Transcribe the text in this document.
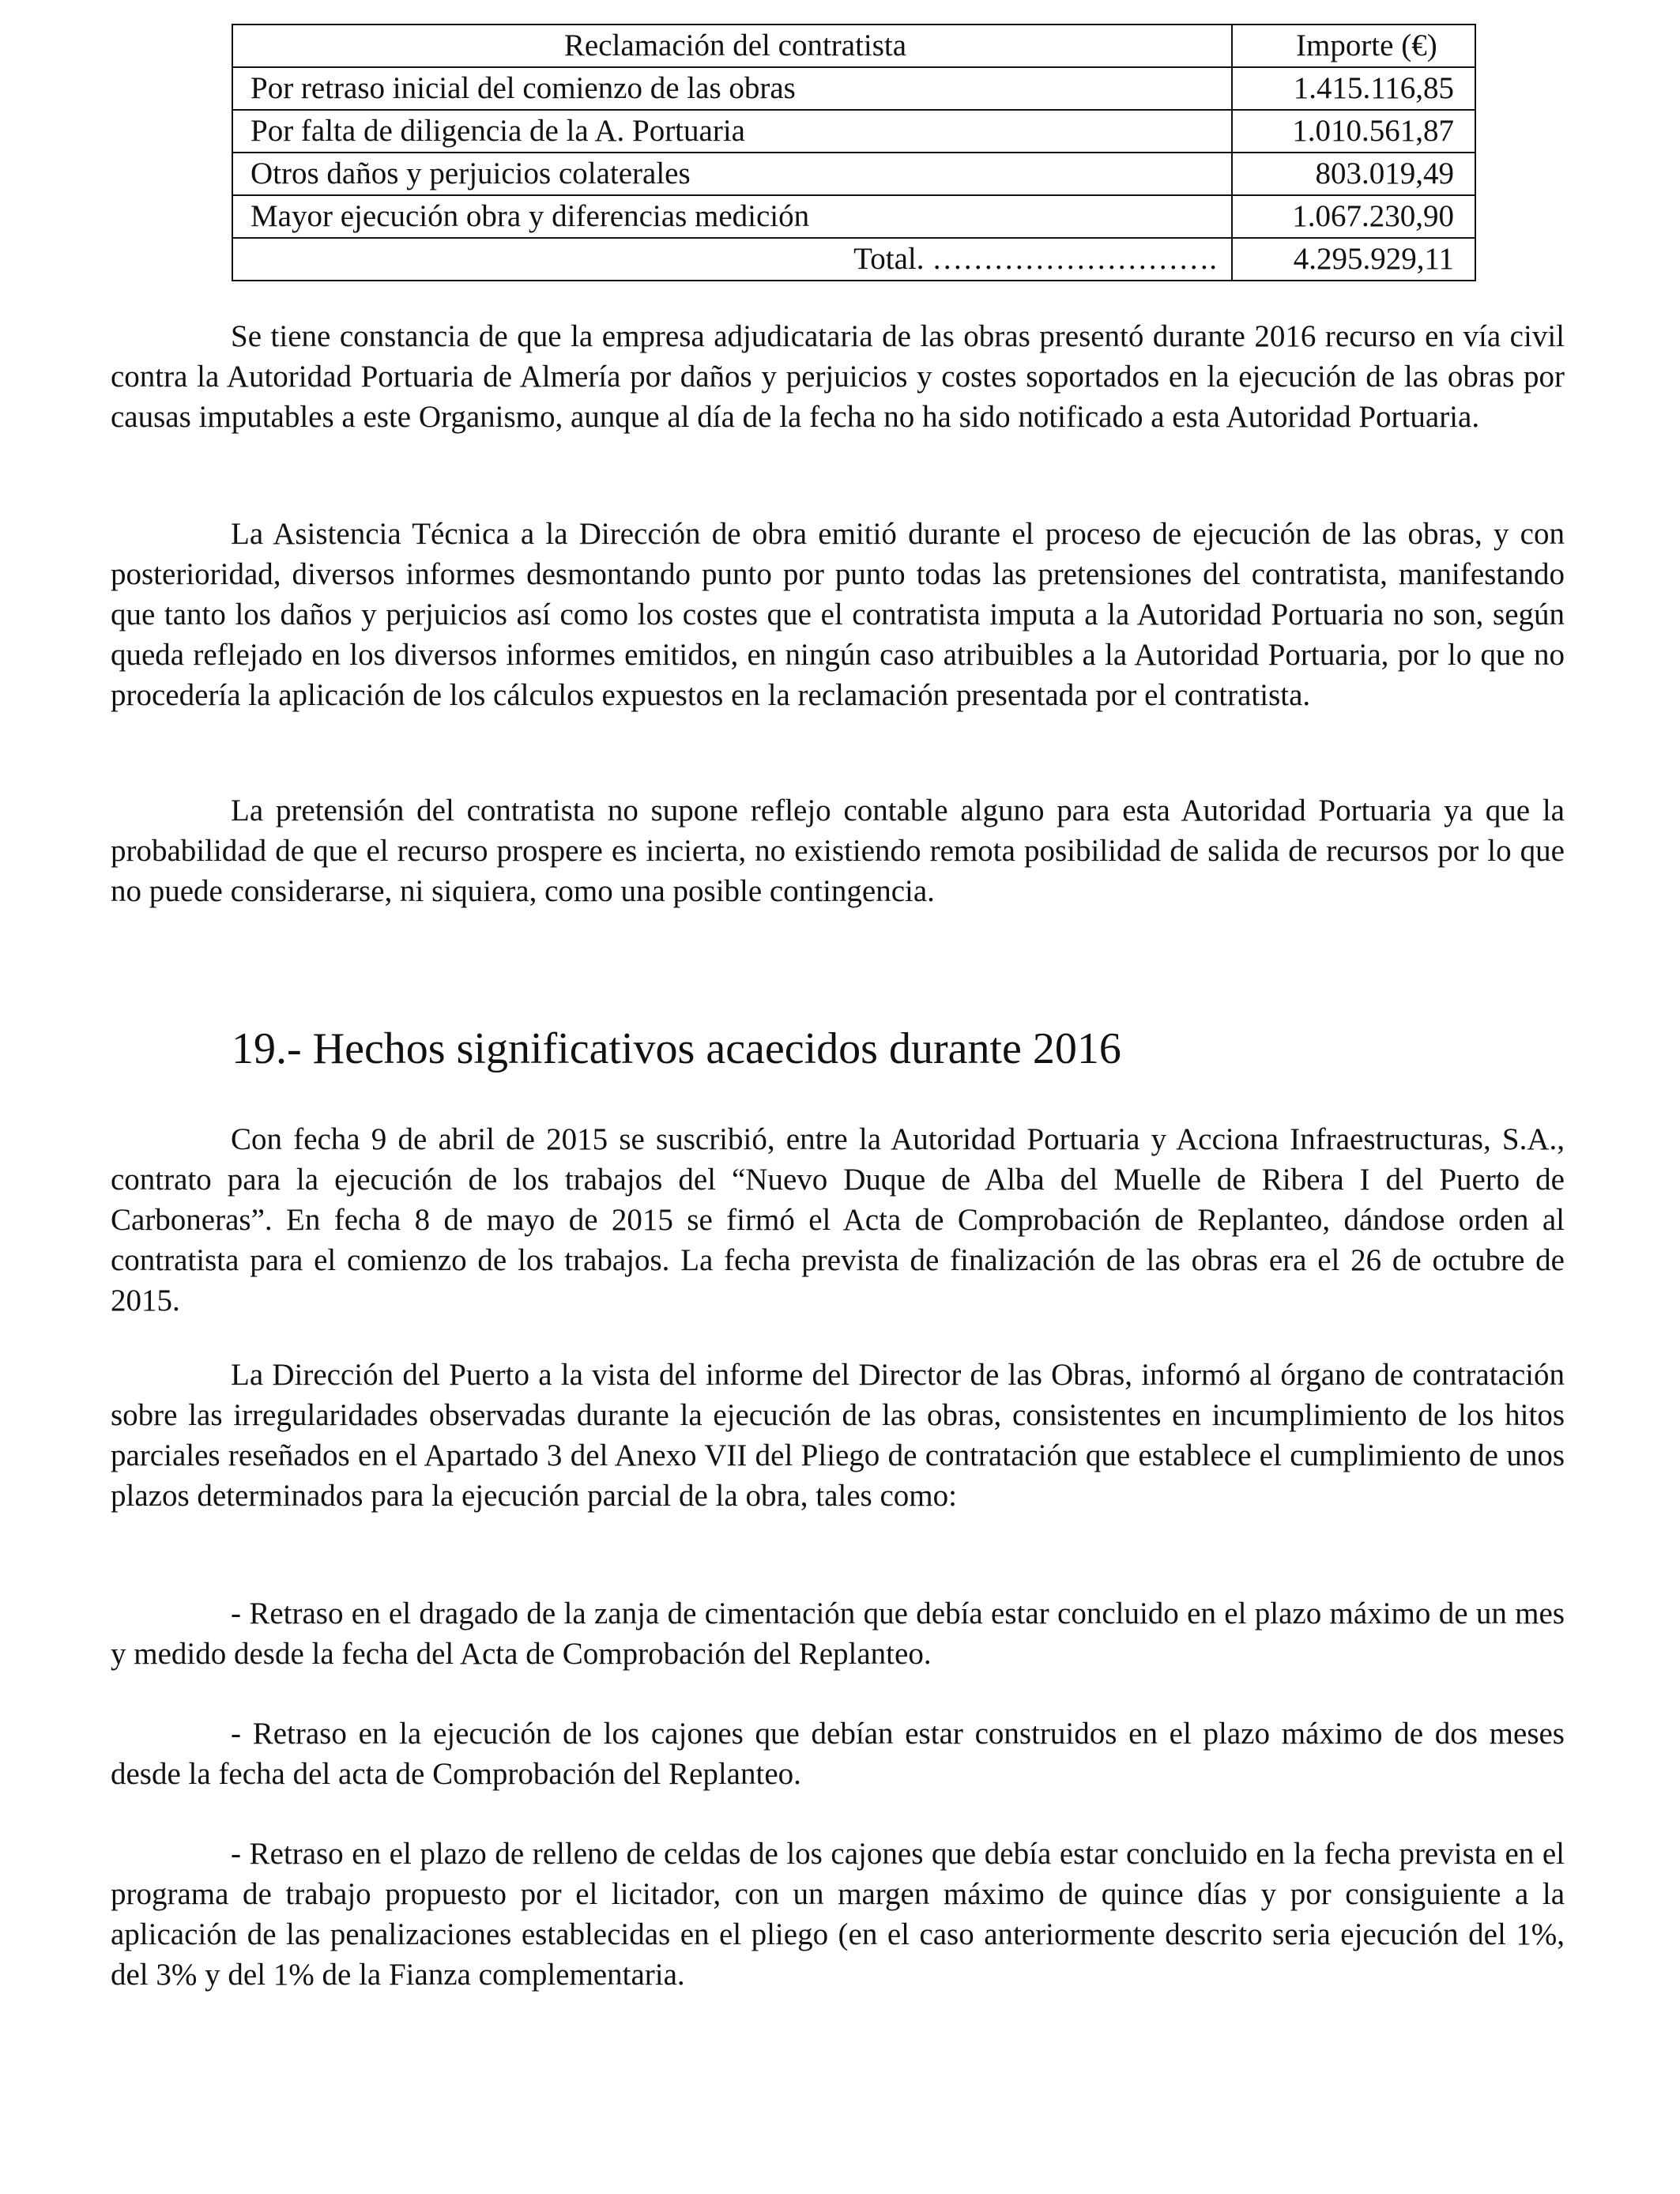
Reclamación del contratista	Importe (€)
Por retraso inicial del comienzo de las obras	1.415.116,85
Por falta de diligencia de la A. Portuaria	1.010.561,87
Otros daños y perjuicios colaterales	803.019,49
Mayor ejecución obra y diferencias medición	1.067.230,90
Total. ……………………….	4.295.929,11

Se tiene constancia de que la empresa adjudicataria de las obras presentó durante 2016 recurso en vía civil contra la Autoridad Portuaria de Almería por daños y perjuicios y costes soportados en la ejecución de las obras por causas imputables a este Organismo, aunque al día de la fecha no ha sido notificado a esta Autoridad Portuaria.

La Asistencia Técnica a la Dirección de obra emitió durante el proceso de ejecución de las obras, y con posterioridad, diversos informes desmontando punto por punto todas las pretensiones del contratista, manifestando que tanto los daños y perjuicios así como los costes que el contratista imputa a la Autoridad Portuaria no son, según queda reflejado en los diversos informes emitidos, en ningún caso atribuibles a la Autoridad Portuaria, por lo que no procedería la aplicación de los cálculos expuestos en la reclamación presentada por el contratista.

La pretensión del contratista no supone reflejo contable alguno para esta Autoridad Portuaria ya que la probabilidad de que el recurso prospere es incierta, no existiendo remota posibilidad de salida de recursos por lo que no puede considerarse, ni siquiera, como una posible contingencia.

19.- Hechos significativos acaecidos durante 2016

Con fecha 9 de abril de 2015 se suscribió, entre la Autoridad Portuaria y Acciona Infraestructuras, S.A., contrato para la ejecución de los trabajos del “Nuevo Duque de Alba del Muelle de Ribera I del Puerto de Carboneras”. En fecha 8 de mayo de 2015 se firmó el Acta de Comprobación de Replanteo, dándose orden al contratista para el comienzo de los trabajos. La fecha prevista de finalización de las obras era el 26 de octubre de 2015.

La Dirección del Puerto a la vista del informe del Director de las Obras, informó al órgano de contratación sobre las irregularidades observadas durante la ejecución de las obras, consistentes en incumplimiento de los hitos parciales reseñados en el Apartado 3 del Anexo VII del Pliego de contratación que establece el cumplimiento de unos plazos determinados para la ejecución parcial de la obra, tales como:

- Retraso en el dragado de la zanja de cimentación que debía estar concluido en el plazo máximo de un mes y medido desde la fecha del Acta de Comprobación del Replanteo.

- Retraso en la ejecución de los cajones que debían estar construidos en el plazo máximo de dos meses desde la fecha del acta de Comprobación del Replanteo.

- Retraso en el plazo de relleno de celdas de los cajones que debía estar concluido en la fecha prevista en el programa de trabajo propuesto por el licitador, con un margen máximo de quince días y por consiguiente a la aplicación de las penalizaciones establecidas en el pliego (en el caso anteriormente descrito seria ejecución del 1%, del 3% y del 1% de la Fianza complementaria.
